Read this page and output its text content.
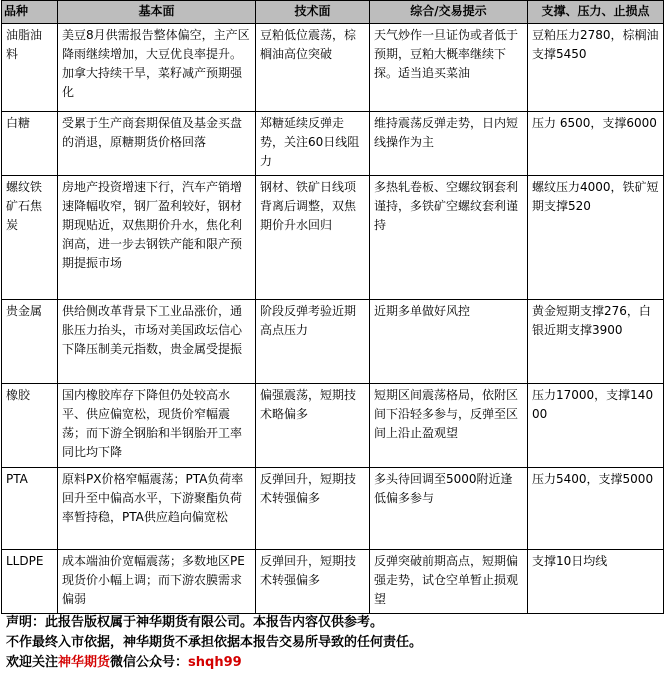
品种	基本面	技术面	综合/交易提示	支撑、压力、止损点
油脂油料	美豆8月供需报告整体偏空，主产区降雨继续增加，大豆优良率提升。加拿大持续干旱，菜籽减产预期强化	豆粕低位震荡，棕榈油高位突破	天气炒作一旦证伪或者低于预期，豆粕大概率继续下探。适当追买菜油	豆粕压力2780，棕榈油支撑5450
白糖	受累于生产商套期保值及基金买盘的消退，原糖期货价格回落	郑糖延续反弹走势，关注60日线阻力	维持震荡反弹走势，日内短线操作为主	压力 6500，支撑6000
螺纹铁矿石焦炭	房地产投资增速下行，汽车产销增速降幅收窄，钢厂盈利较好，钢材期现贴近，双焦期价升水，焦化利润高，进一步去钢铁产能和限产预期提振市场	钢材、铁矿日线项背离后调整，双焦期价升水回归	多热轧卷板、空螺纹钢套利谨持，多铁矿空螺纹套利谨持	螺纹压力4000，铁矿短期支撑520
贵金属	供给侧改革背景下工业品涨价，通胀压力抬头，市场对美国政坛信心下降压制美元指数，贵金属受提振	阶段反弹考验近期高点压力	近期多单做好风控	黄金短期支撑276，白银近期支撑3900
橡胶	国内橡胶库存下降但仍处较高水平、供应偏宽松，现货价窄幅震荡；而下游全钢胎和半钢胎开工率同比均下降	偏强震荡，短期技术略偏多	短期区间震荡格局，依附区间下沿轻多参与，反弹至区间上沿止盈观望	压力17000，支撑14000
PTA	原料PX价格窄幅震荡；PTA负荷率回升至中偏高水平，下游聚酯负荷率暂持稳，PTA供应趋向偏宽松	反弹回升，短期技术转强偏多	多头待回调至5000附近逢低偏多参与	压力5400，支撑5000
LLDPE	成本端油价宽幅震荡；多数地区PE现货价小幅上调；而下游农膜需求偏弱	反弹回升，短期技术转强偏多	反弹突破前期高点，短期偏强走势，试仓空单暂止损观望	支撑10日均线
声明：此报告版权属于神华期货有限公司。本报告内容仅供参考。
不作最终入市依据，神华期货不承担依据本报告交易所导致的任何责任。
欢迎关注神华期货微信公众号：shqh99
